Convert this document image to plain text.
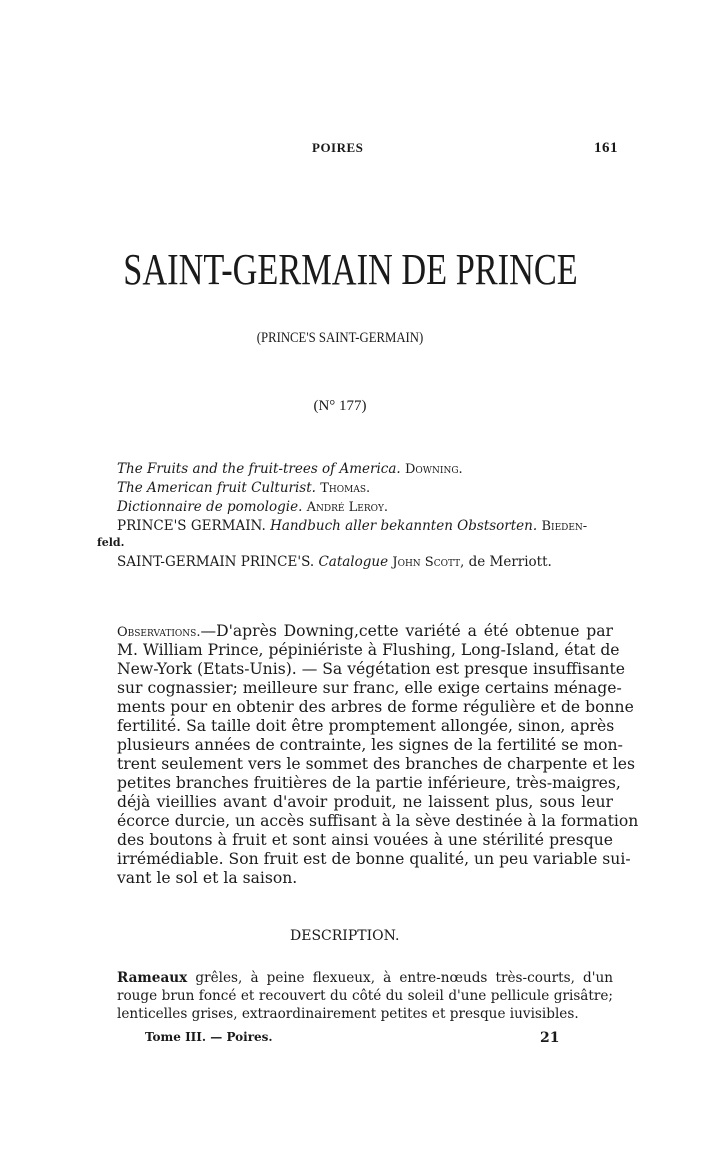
POIRES	161
SAINT-GERMAIN DE PRINCE
(PRINCE'S SAINT-GERMAIN)
(N° 177)
The Fruits and the fruit-trees of America. Downing.
The American fruit Culturist. Thomas.
Dictionnaire de pomologie. André Leroy.
PRINCE'S GERMAIN. Handbuch aller bekannten Obstsorten. Bieden-
feld.
SAINT-GERMAIN PRINCE'S. Catalogue John Scott, de Merriott.
Observations.—D'après Downing,cette variété a été obtenue par
M. William Prince, pépiniériste à Flushing, Long-Island, état de
New-York (Etats-Unis). — Sa végétation est presque insuffisante
sur cognassier; meilleure sur franc, elle exige certains ménage-
ments pour en obtenir des arbres de forme régulière et de bonne
fertilité. Sa taille doit être promptement allongée, sinon, après
plusieurs années de contrainte, les signes de la fertilité se mon-
trent seulement vers le sommet des branches de charpente et les
petites branches fruitières de la partie inférieure, très-maigres,
déjà vieillies avant d'avoir produit, ne laissent plus, sous leur
écorce durcie, un accès suffisant à la sève destinée à la formation
des boutons à fruit et sont ainsi vouées à une stérilité presque
irrémédiable. Son fruit est de bonne qualité, un peu variable sui-
vant le sol et la saison.
DESCRIPTION.
Rameaux grêles, à peine flexueux, à entre-nœuds très-courts, d'un
rouge brun foncé et recouvert du côté du soleil d'une pellicule grisâtre;
lenticelles grises, extraordinairement petites et presque iuvisibles.
Tome III. — Poires.	21
